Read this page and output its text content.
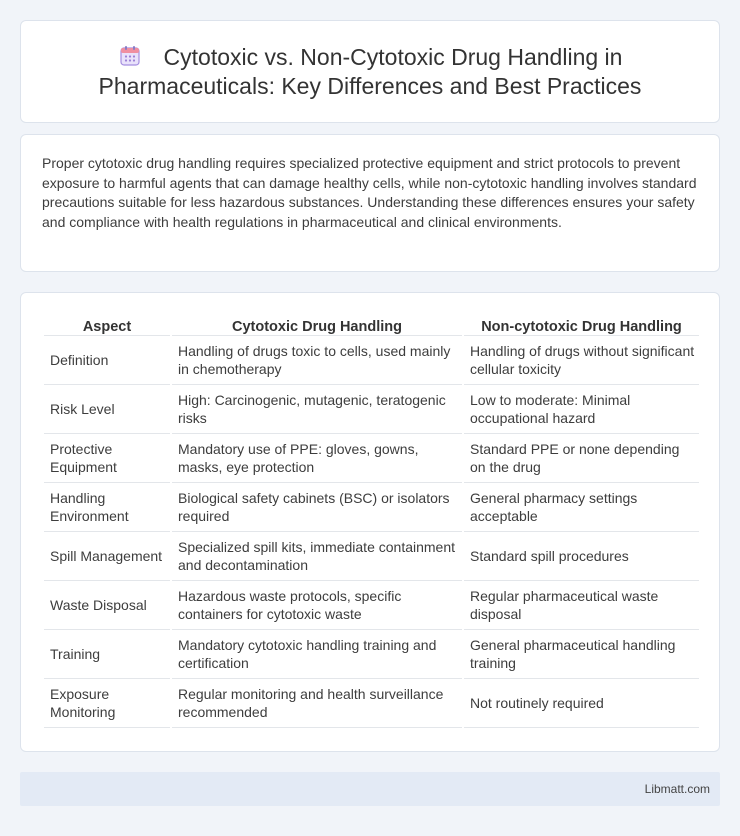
Cytotoxic vs. Non-Cytotoxic Drug Handling in Pharmaceuticals: Key Differences and Best Practices

Proper cytotoxic drug handling requires specialized protective equipment and strict protocols to prevent exposure to harmful agents that can damage healthy cells, while non-cytotoxic handling involves standard precautions suitable for less hazardous substances. Understanding these differences ensures your safety and compliance with health regulations in pharmaceutical and clinical environments.

Aspect	Cytotoxic Drug Handling	Non-cytotoxic Drug Handling
Definition	Handling of drugs toxic to cells, used mainly in chemotherapy	Handling of drugs without significant cellular toxicity
Risk Level	High: Carcinogenic, mutagenic, teratogenic risks	Low to moderate: Minimal occupational hazard
Protective Equipment	Mandatory use of PPE: gloves, gowns, masks, eye protection	Standard PPE or none depending on the drug
Handling Environment	Biological safety cabinets (BSC) or isolators required	General pharmacy settings acceptable
Spill Management	Specialized spill kits, immediate containment and decontamination	Standard spill procedures
Waste Disposal	Hazardous waste protocols, specific containers for cytotoxic waste	Regular pharmaceutical waste disposal
Training	Mandatory cytotoxic handling training and certification	General pharmaceutical handling training
Exposure Monitoring	Regular monitoring and health surveillance recommended	Not routinely required
Libmatt.com
